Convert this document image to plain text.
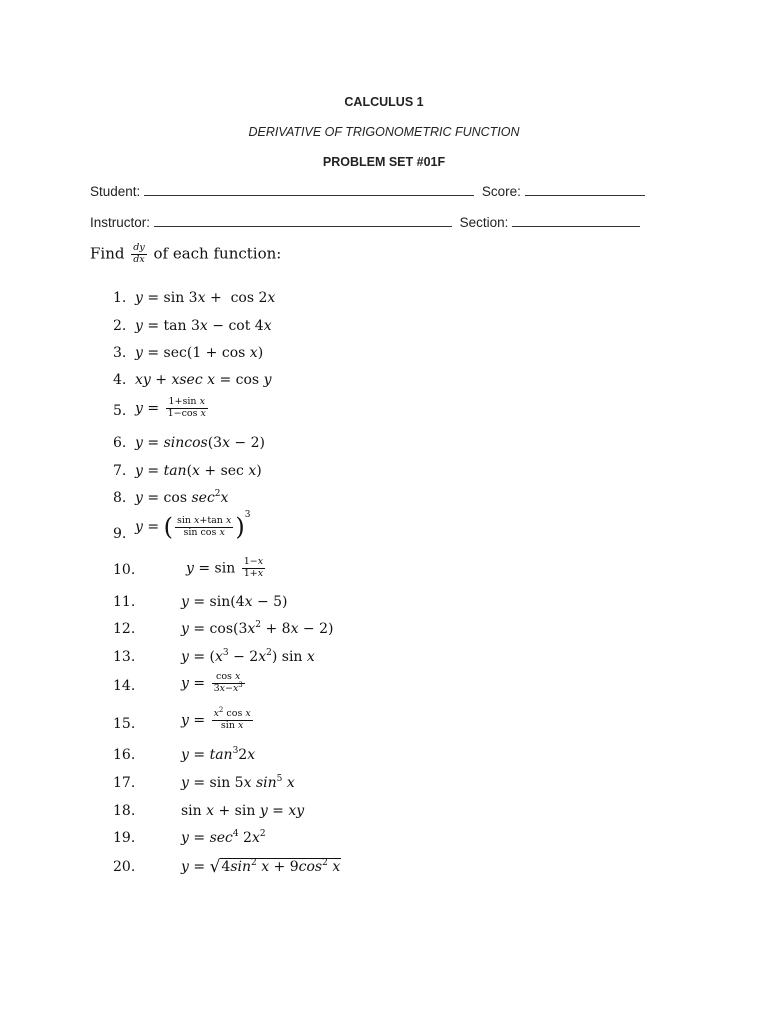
CALCULUS 1
DERIVATIVE OF TRIGONOMETRIC FUNCTION
PROBLEM SET #01F
Student:	Score:
Instructor:	Section:
Find $\frac{dy}{dx}$ of each function:
1. y = sin 3x +  cos 2x
2. y = tan 3x − cot 4x
3. y = sec(1 + cos x)
4. xy + xsec x = cos y
5. $y = \frac{\text{1+sin x}}{\text{1−cos x}}$
6. y = sincos(3x − 2)
7. y = tan(x + sec x)
8. $y = \cos \sec^2x$
9. y = ( $\frac{\text{sin x+tan x}}{\text{sin cos x}} )^3$
10.	$y = \sin \frac{1-x}{1+x}$
11.	y = sin(4x − 5)
12.	$y = \cos(3x^2 + 8x - 2)$
13.	$y = (x^3 - 2x^2)$ sin x
14.	$y = \frac{\text{cos x}}{3x-x^3}$
15.	$y = \frac{x^2 \cos x}{\text{sin x}}$
16.	$y = \tan^32x$
17.	y = sin 5x $\sin^5 x$
18.	sin x + sin y = xy
19.	$y = \sec^4 2x^2$
20.	$y = √4\sin^2$ $x + 9\cos^2$ x
